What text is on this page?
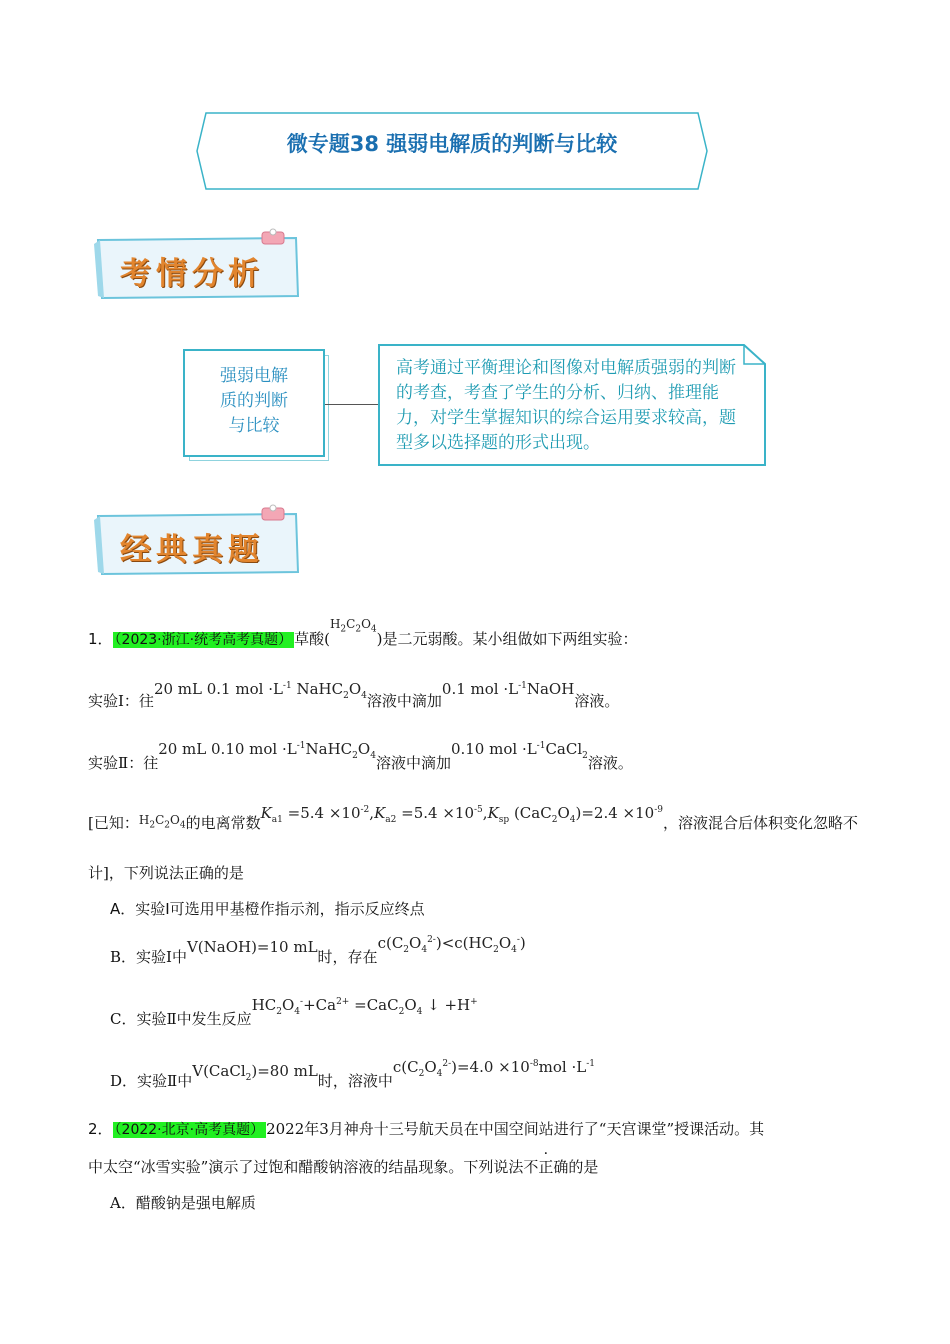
微专题38 强弱电解质的判断与比较
考情分析
强弱电解
质的判断
与比较
高考通过平衡理论和图像对电解质强弱的判断的考查，考查了学生的分析、归纳、推理能力，对学生掌握知识的综合运用要求较高，题型多以选择题的形式出现。
经典真题
1． （2023·浙江·统考高考真题） 草酸($^{H_2C_2O_4}$)是二元弱酸。某小组做如下两组实验：
实验Ⅰ：往20 mL 0.1 mol $\cdot L^{-1}$ $NaHC_2O_4$溶液中滴加0.1 mol $\cdot L^{-1}NaOH$溶液。
实验Ⅱ：往20 mL 0.10 mol $\cdot L^{-1}NaHC_2O_4$溶液中滴加0.10 mol $\cdot L^{-1}CaCl_2$溶液。
[已知：$^{H_2C_2O_4}$的电离常数$K_{a1} =5.4 \times 10^{-2},K_{a2} =5.4 \times 10^{-5},K_{sp}$ $(CaC_2O_4)=2.4 \times 10^{-9}$，溶液混合后体积变化忽略不
计]，下列说法正确的是
A．实验Ⅰ可选用甲基橙作指示剂，指示反应终点
B．实验Ⅰ中V(NaOH)=10 mL时，存在$c(C_2O_4^{2-})<c(HC_2O_4^-)$
C．实验Ⅱ中发生反应$HC_2O_4^-+Ca^{2+} =CaC_2O_4$ ↓ +H+
D．实验Ⅱ中V(CaCl$_2$)=80 mL时，溶液中$c(C_2O_4^{2-})=4.0 \times 10^{-8}mol \cdot L^{-1}$
2． （2022·北京·高考真题） 2022年3月神舟十三号航天员在中国空间站进行了“天宫课堂”授课活动。其
中太空“冰雪实验”演示了过饱和醋酸钠溶液的结晶现象。下列说法不正确的是
A．醋酸钠是强电解质
